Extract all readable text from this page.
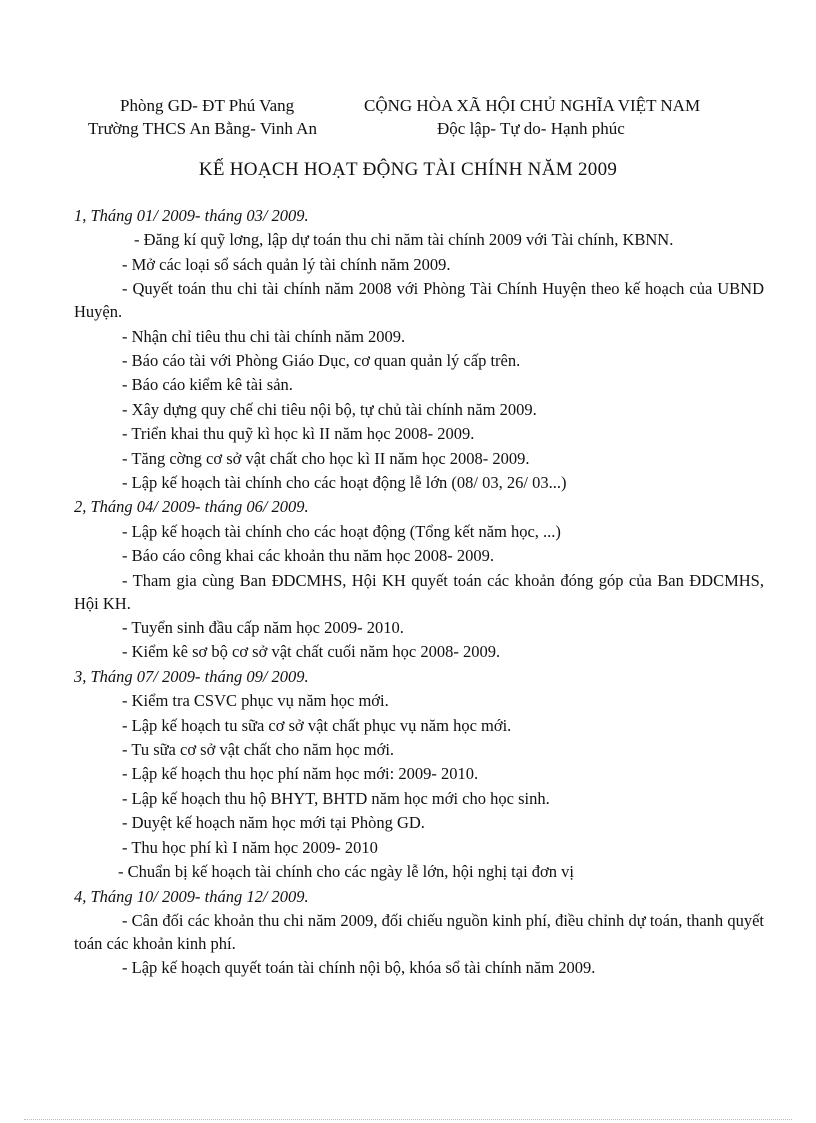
Phòng GD- ĐT Phú Vang
Trường THCS An Bằng- Vinh An
CỘNG HÒA XÃ HỘI CHỦ NGHĨA VIỆT NAM
Độc lập- Tự do- Hạnh phúc
KẾ HOẠCH HOẠT ĐỘNG TÀI CHÍNH NĂM 2009
1, Tháng 01/ 2009- tháng 03/ 2009.
- Đăng kí quỹ lơng, lập dự toán thu chi năm tài chính 2009 với Tài chính, KBNN.
- Mở các loại sổ sách quản lý tài chính năm 2009.
- Quyết toán thu chi tài chính năm 2008 với Phòng Tài Chính Huyện theo kế hoạch của UBND Huyện.
- Nhận chỉ tiêu thu chi tài chính năm 2009.
- Báo cáo tài với Phòng Giáo Dục, cơ quan quản lý cấp trên.
- Báo cáo kiểm kê tài sản.
- Xây dựng quy chế chi tiêu nội bộ, tự chủ tài chính năm 2009.
- Triển khai thu quỹ kì học kì II năm học 2008- 2009.
- Tăng cờng cơ sở vật chất cho học kì II năm học 2008- 2009.
- Lập kế hoạch tài chính cho các hoạt động lễ lớn (08/ 03, 26/ 03...)
2, Tháng 04/ 2009- tháng 06/ 2009.
- Lập kế hoạch tài chính cho các hoạt động (Tổng kết năm học, ...)
- Báo cáo công khai các khoản thu năm học 2008- 2009.
- Tham gia cùng Ban ĐDCMHS, Hội KH quyết toán các khoản đóng góp của Ban ĐDCMHS, Hội KH.
- Tuyển sinh đầu cấp năm học 2009- 2010.
- Kiểm kê sơ bộ cơ sở vật chất cuối năm học 2008- 2009.
3, Tháng 07/ 2009- tháng 09/ 2009.
- Kiểm tra CSVC phục vụ năm học mới.
- Lập kế hoạch tu sữa cơ sở vật chất phục vụ năm học mới.
- Tu sữa cơ sở vật chất cho năm học mới.
- Lập kế hoạch thu học phí năm học mới: 2009- 2010.
- Lập kế hoạch thu hộ BHYT, BHTD năm học mới cho học sinh.
- Duyệt kế hoạch năm học mới tại Phòng GD.
- Thu học phí kì I năm học 2009- 2010
- Chuẩn bị kế hoạch tài chính cho các ngày lễ lớn, hội nghị tại đơn vị
4, Tháng 10/ 2009- tháng 12/ 2009.
- Cân đối các khoản thu chi năm 2009, đối chiếu nguồn kinh phí, điều chỉnh dự toán, thanh quyết toán các khoản kinh phí.
- Lập kế hoạch quyết toán tài chính nội bộ, khóa sổ tài chính năm 2009.
